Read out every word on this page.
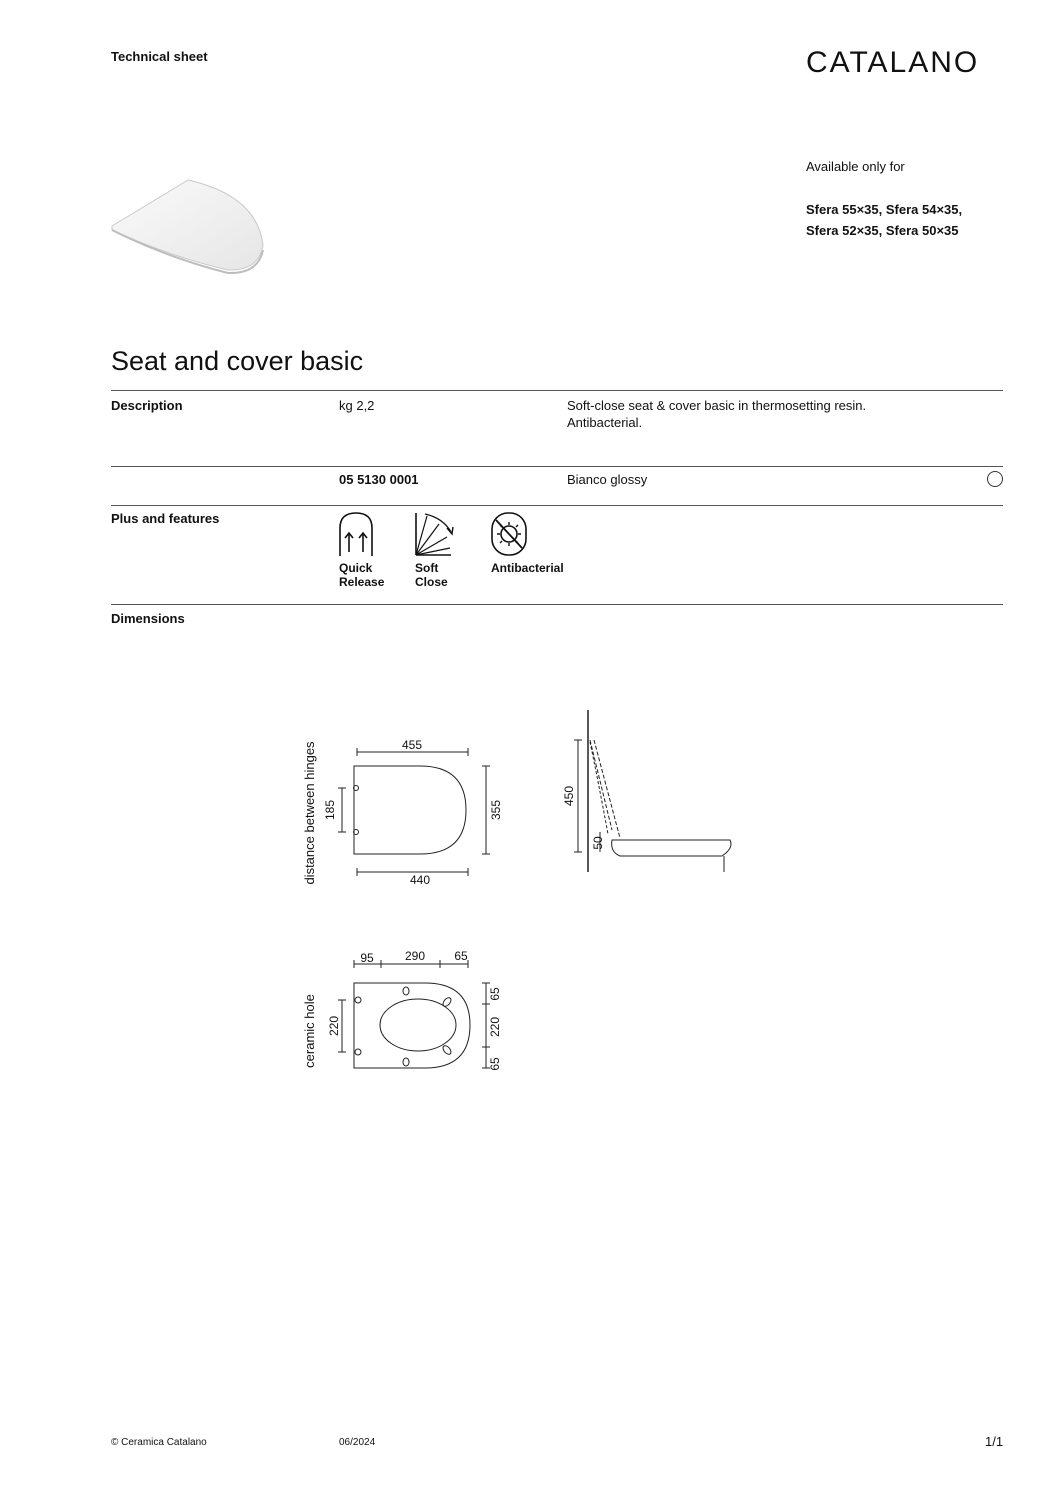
Technical sheet	CATALANO
Available only for
Sfera 55×35, Sfera 54×35,
Sfera 52×35, Sfera 50×35
Seat and cover basic
Description	kg 2,2	Soft-close seat & cover basic in thermosetting resin.
Antibacterial.
05 5130 0001	Bianco glossy
Plus and features
Quick
Release
Soft
Close
Antibacterial
Dimensions
455
440
355
185
distance between hinges	450
50
95	290 65
220
ceramic hole
65
220
65
© Ceramica Catalano	06/2024	1/1
